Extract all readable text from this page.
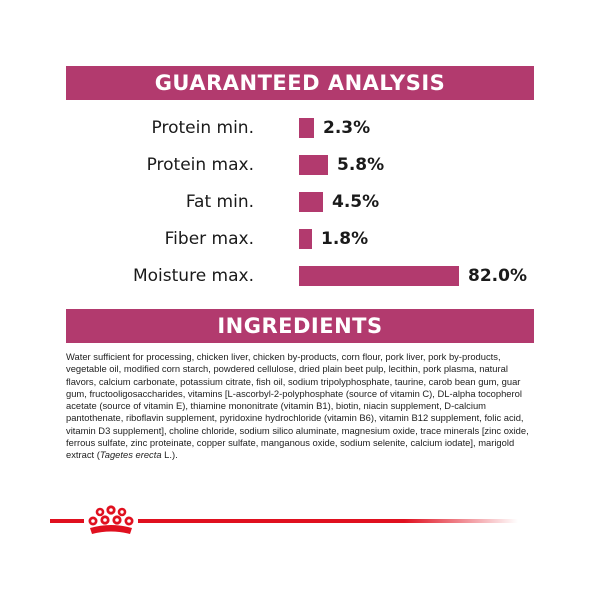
GUARANTEED ANALYSIS
Protein min.	2.3%
Protein max.	5.8%
Fat min.	4.5%
Fiber max.	1.8%
Moisture max.	82.0%
INGREDIENTS

Water sufficient for processing, chicken liver, chicken by-products, corn flour, pork liver, pork by-products, vegetable oil, modified corn starch, powdered cellulose, dried plain beet pulp, lecithin, pork plasma, natural flavors, calcium carbonate, potassium citrate, fish oil, sodium tripolyphosphate, taurine, carob bean gum, guar gum, fructooligosaccharides, vitamins [L-ascorbyl-2-polyphosphate (source of vitamin C), DL-alpha tocopherol acetate (source of vitamin E), thiamine mononitrate (vitamin B1), biotin, niacin supplement, D-calcium pantothenate, riboflavin supplement, pyridoxine hydrochloride (vitamin B6), vitamin B12 supplement, folic acid, vitamin D3 supplement], choline chloride, sodium silico aluminate, magnesium oxide, trace minerals [zinc oxide, ferrous sulfate, zinc proteinate, copper sulfate, manganous oxide, sodium selenite, calcium iodate], marigold extract (Tagetes erecta L.).
